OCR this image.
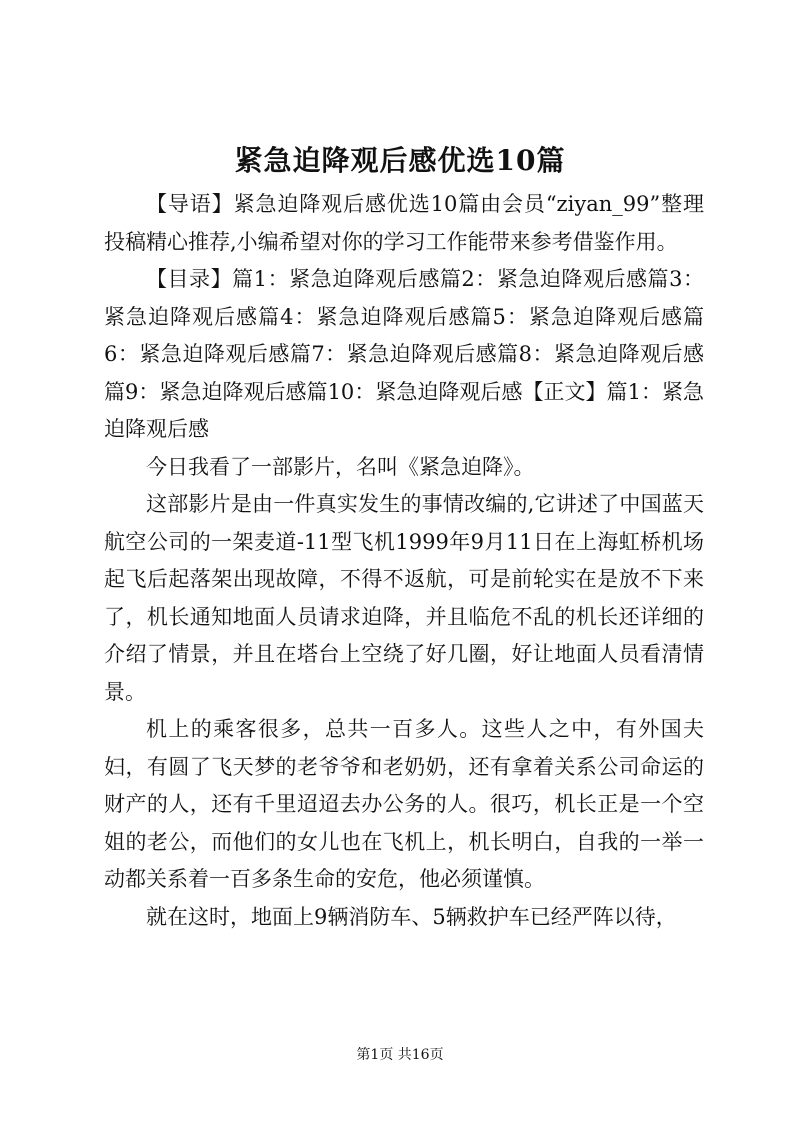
紧急迫降观后感优选10篇

【导语】紧急迫降观后感优选10篇由会员“ziyan_99”整理投稿精心推荐,小编希望对你的学习工作能带来参考借鉴作用。

【目录】篇1：紧急迫降观后感篇2：紧急迫降观后感篇3：紧急迫降观后感篇4：紧急迫降观后感篇5：紧急迫降观后感篇6：紧急迫降观后感篇7：紧急迫降观后感篇8：紧急迫降观后感篇9：紧急迫降观后感篇10：紧急迫降观后感【正文】篇1：紧急迫降观后感

今日我看了一部影片，名叫《紧急迫降》。

这部影片是由一件真实发生的事情改编的,它讲述了中国蓝天航空公司的一架麦道-11型飞机1999年9月11日在上海虹桥机场起飞后起落架出现故障，不得不返航，可是前轮实在是放不下来了，机长通知地面人员请求迫降，并且临危不乱的机长还详细的介绍了情景，并且在塔台上空绕了好几圈，好让地面人员看清情景。

机上的乘客很多，总共一百多人。这些人之中，有外国夫妇，有圆了飞天梦的老爷爷和老奶奶，还有拿着关系公司命运的财产的人，还有千里迢迢去办公务的人。很巧，机长正是一个空姐的老公，而他们的女儿也在飞机上，机长明白，自我的一举一动都关系着一百多条生命的安危，他必须谨慎。

就在这时，地面上9辆消防车、5辆救护车已经严阵以待，

第1页 共16页
